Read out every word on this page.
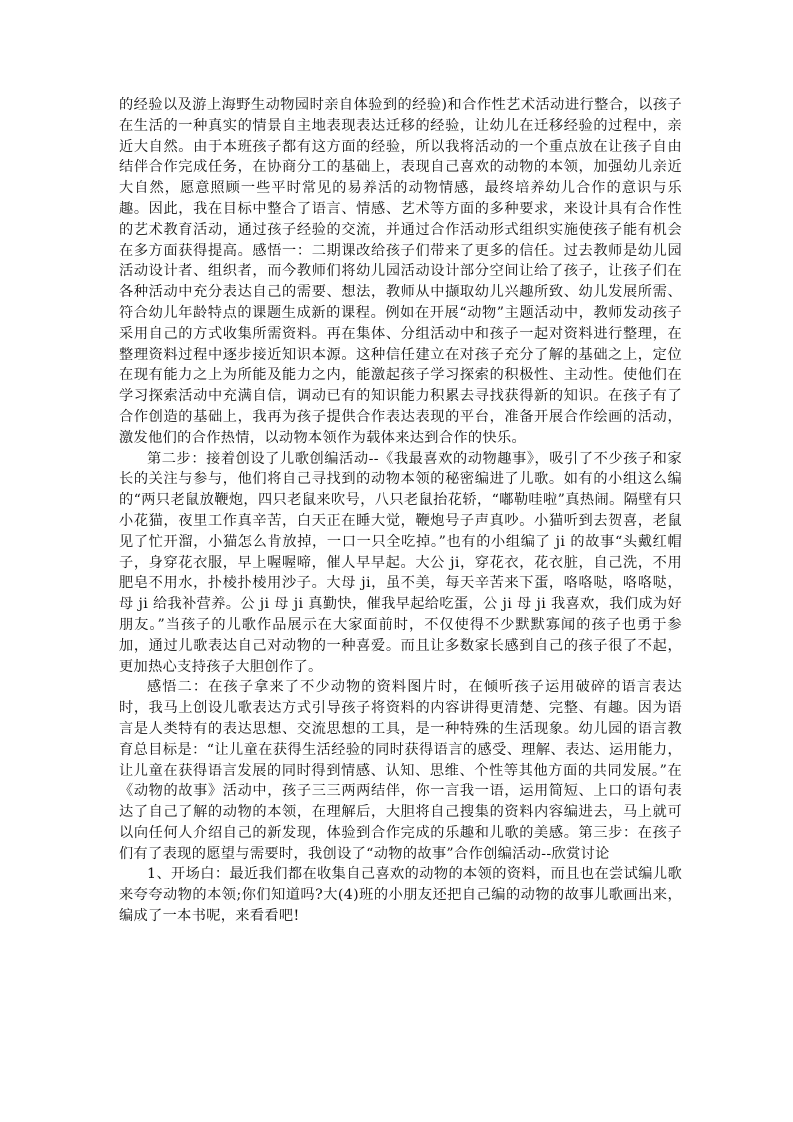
的经验以及游上海野生动物园时亲自体验到的经验)和合作性艺术活动进行整合，以孩子在生活的一种真实的情景自主地表现表达迁移的经验，让幼儿在迁移经验的过程中，亲近大自然。由于本班孩子都有这方面的经验，所以我将活动的一个重点放在让孩子自由结伴合作完成任务，在协商分工的基础上，表现自己喜欢的动物的本领，加强幼儿亲近大自然，愿意照顾一些平时常见的易养活的动物情感，最终培养幼儿合作的意识与乐趣。因此，我在目标中整合了语言、情感、艺术等方面的多种要求，来设计具有合作性的艺术教育活动，通过孩子经验的交流，并通过合作活动形式组织实施使孩子能有机会在多方面获得提高。感悟一：二期课改给孩子们带来了更多的信任。过去教师是幼儿园活动设计者、组织者，而今教师们将幼儿园活动设计部分空间让给了孩子，让孩子们在各种活动中充分表达自己的需要、想法，教师从中撷取幼儿兴趣所致、幼儿发展所需、符合幼儿年龄特点的课题生成新的课程。例如在开展“动物”主题活动中，教师发动孩子采用自己的方式收集所需资料。再在集体、分组活动中和孩子一起对资料进行整理，在整理资料过程中逐步接近知识本源。这种信任建立在对孩子充分了解的基础之上，定位在现有能力之上为所能及能力之内，能激起孩子学习探索的积极性、主动性。使他们在学习探索活动中充满自信，调动已有的知识能力积累去寻找获得新的知识。在孩子有了合作创造的基础上，我再为孩子提供合作表达表现的平台，准备开展合作绘画的活动，激发他们的合作热情，以动物本领作为载体来达到合作的快乐。

第二步：接着创设了儿歌创编活动--《我最喜欢的动物趣事》，吸引了不少孩子和家长的关注与参与，他们将自己寻找到的动物本领的秘密编进了儿歌。如有的小组这么编的“两只老鼠放鞭炮，四只老鼠来吹号，八只老鼠抬花轿，“嘟勒哇啦”真热闹。隔壁有只小花猫，夜里工作真辛苦，白天正在睡大觉，鞭炮号子声真吵。小猫听到去贺喜，老鼠见了忙开溜，小猫怎么肯放掉，一口一只全吃掉。”也有的小组编了 ji 的故事“头戴红帽子，身穿花衣服，早上喔喔啼，催人早早起。大公 ji，穿花衣，花衣脏，自己洗，不用肥皂不用水，扑棱扑棱用沙子。大母 ji，虽不美，每天辛苦来下蛋，咯咯哒，咯咯哒，母 ji 给我补营养。公 ji 母 ji 真勤快，催我早起给吃蛋，公 ji 母 ji 我喜欢，我们成为好朋友。”当孩子的儿歌作品展示在大家面前时，不仅使得不少默默寡闻的孩子也勇于参加，通过儿歌表达自己对动物的一种喜爱。而且让多数家长感到自己的孩子很了不起，更加热心支持孩子大胆创作了。

感悟二：在孩子拿来了不少动物的资料图片时，在倾听孩子运用破碎的语言表达时，我马上创设儿歌表达方式引导孩子将资料的内容讲得更清楚、完整、有趣。因为语言是人类特有的表达思想、交流思想的工具，是一种特殊的生活现象。幼儿园的语言教育总目标是：“让儿童在获得生活经验的同时获得语言的感受、理解、表达、运用能力，让儿童在获得语言发展的同时得到情感、认知、思维、个性等其他方面的共同发展。”在《动物的故事》活动中，孩子三三两两结伴，你一言我一语，运用简短、上口的语句表达了自己了解的动物的本领，在理解后，大胆将自己搜集的资料内容编进去，马上就可以向任何人介绍自己的新发现，体验到合作完成的乐趣和儿歌的美感。第三步：在孩子们有了表现的愿望与需要时，我创设了“动物的故事”合作创编活动--欣赏讨论

1、开场白：最近我们都在收集自己喜欢的动物的本领的资料，而且也在尝试编儿歌来夸夸动物的本领;你们知道吗?大(4)班的小朋友还把自己编的动物的故事儿歌画出来，编成了一本书呢，来看看吧!
